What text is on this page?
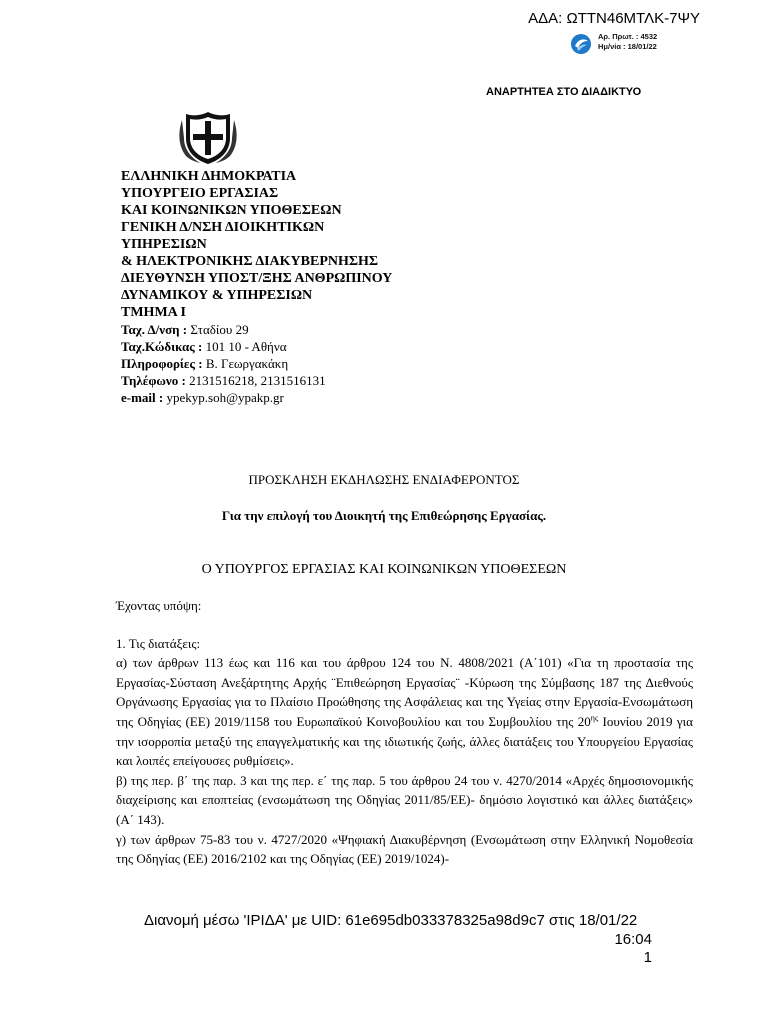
ΑΔΑ: ΩΤΤΝ46ΜΤΛΚ-7ΨΥ
Αρ. Πρωτ. : 4532
Ημ/νία : 18/01/22
ΑΝΑΡΤΗΤΕΑ ΣΤΟ ΔΙΑΔΙΚΤΥΟ
ΕΛΛΗΝΙΚΗ ΔΗΜΟΚΡΑΤΙΑ
ΥΠΟΥΡΓΕΙΟ ΕΡΓΑΣΙΑΣ
ΚΑΙ ΚΟΙΝΩΝΙΚΩΝ ΥΠΟΘΕΣΕΩΝ
ΓΕΝΙΚΗ Δ/ΝΣΗ ΔΙΟΙΚΗΤΙΚΩΝ
ΥΠΗΡΕΣΙΩΝ
& ΗΛΕΚΤΡΟΝΙΚΗΣ ΔΙΑΚΥΒΕΡΝΗΣΗΣ
ΔΙΕΥΘΥΝΣΗ ΥΠΟΣΤ/ΞΗΣ ΑΝΘΡΩΠΙΝΟΥ
ΔΥΝΑΜΙΚΟΥ & ΥΠΗΡΕΣΙΩΝ
ΤΜΗΜΑ Ι
Ταχ. Δ/νση : Σταδίου 29
Ταχ.Κώδικας : 101 10 - Αθήνα
Πληροφορίες : Β. Γεωργακάκη
Τηλέφωνο : 2131516218, 2131516131
e-mail : ypekyp.soh@ypakp.gr
ΠΡΟΣΚΛΗΣΗ ΕΚΔΗΛΩΣΗΣ ΕΝΔΙΑΦΕΡΟΝΤΟΣ
Για την επιλογή του Διοικητή της Επιθεώρησης Εργασίας.
Ο ΥΠΟΥΡΓΟΣ ΕΡΓΑΣΙΑΣ ΚΑΙ ΚΟΙΝΩΝΙΚΩΝ ΥΠΟΘΕΣΕΩΝ

Έχοντας υπόψη:

1. Τις διατάξεις:

α) των άρθρων 113 έως και 116 και του άρθρου 124 του Ν. 4808/2021 (Α΄101) «Για τη προστασία της Εργασίας-Σύσταση Ανεξάρτητης Αρχής ¨Επιθεώρηση Εργασίας¨ -Κύρωση της Σύμβασης 187 της Διεθνούς Οργάνωσης Εργασίας για το Πλαίσιο Προώθησης της Ασφάλειας και της Υγείας στην Εργασία-Ενσωμάτωση της Οδηγίας (ΕΕ) 2019/1158 του Ευρωπαϊκού Κοινοβουλίου και του Συμβουλίου της $20^{\eta\varsigma}$ Ιουνίου 2019 για την ισορροπία μεταξύ της επαγγελματικής και της ιδιωτικής ζωής, άλλες διατάξεις του Υπουργείου Εργασίας και λοιπές επείγουσες ρυθμίσεις».

β) της περ. β΄ της παρ. 3 και της περ. ε΄ της παρ. 5 του άρθρου 24 του ν. 4270/2014 «Αρχές δημοσιονομικής διαχείρισης και εποπτείας (ενσωμάτωση της Οδηγίας 2011/85/ΕΕ)- δημόσιο λογιστικό και άλλες διατάξεις» (Α΄ 143).

γ) των άρθρων 75-83 του ν. 4727/2020 «Ψηφιακή Διακυβέρνηση (Ενσωμάτωση στην Ελληνική Νομοθεσία της Οδηγίας (ΕΕ) 2016/2102 και της Οδηγίας (ΕΕ) 2019/1024)-

Διανομή μέσω 'ΙΡΙΔΑ' με UID: 61e695db033378325a98d9c7 στις 18/01/22
16:04
1
